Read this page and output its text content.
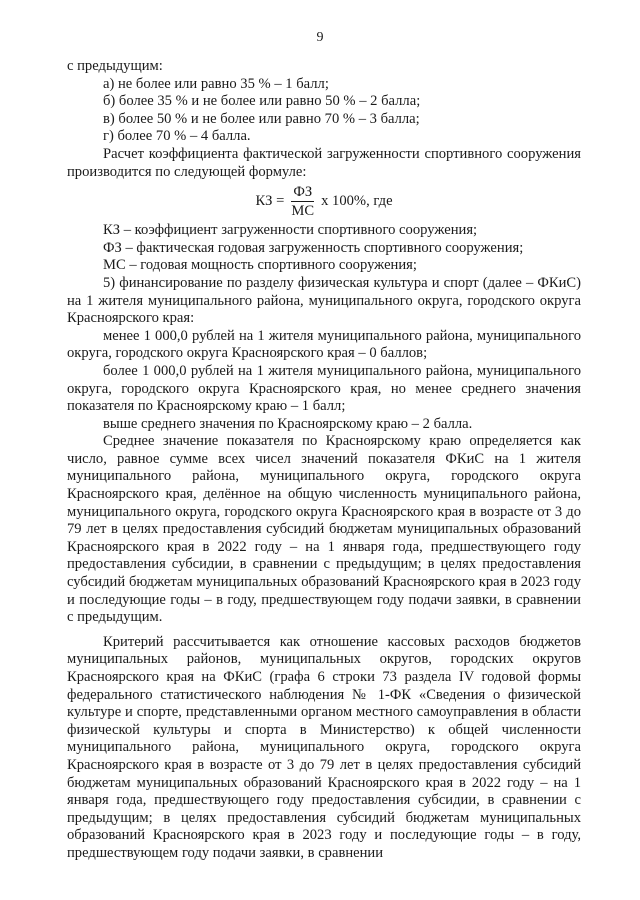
9

с предыдущим:

а) не более или равно 35 % – 1 балл;

б) более 35 % и не более или равно 50 % – 2 балла;

в) более 50 % и не более или равно 70 % – 3 балла;

г) более 70 % – 4 балла.

Расчет коэффициента фактической загруженности спортивного сооружения производится по следующей формуле:

КЗ = $\frac{ФЗ}{МС}$ х 100%, где

КЗ – коэффициент загруженности спортивного сооружения;

ФЗ – фактическая годовая загруженность спортивного сооружения;

МС – годовая мощность спортивного сооружения;

5) финансирование по разделу физическая культура и спорт (далее – ФКиС) на 1 жителя муниципального района, муниципального округа, городского округа Красноярского края:

менее 1 000,0 рублей на 1 жителя муниципального района, муниципального округа, городского округа Красноярского края – 0 баллов;

более 1 000,0 рублей на 1 жителя муниципального района, муниципального округа, городского округа Красноярского края, но менее среднего значения показателя по Красноярскому краю – 1 балл;

выше среднего значения по Красноярскому краю – 2 балла.

Среднее значение показателя по Красноярскому краю определяется как число, равное сумме всех чисел значений показателя ФКиС на 1 жителя муниципального района, муниципального округа, городского округа Красноярского края, делённое на общую численность муниципального района, муниципального округа, городского округа Красноярского края в возрасте от 3 до 79 лет в целях предоставления субсидий бюджетам муниципальных образований Красноярского края в 2022 году – на 1 января года, предшествующего году предоставления субсидии, в сравнении с предыдущим; в целях предоставления субсидий бюджетам муниципальных образований Красноярского края в 2023 году и последующие годы – в году, предшествующем году подачи заявки, в сравнении с предыдущим.

Критерий рассчитывается как отношение кассовых расходов бюджетов муниципальных районов, муниципальных округов, городских округов Красноярского края на ФКиС (графа 6 строки 73 раздела IV годовой формы федерального статистического наблюдения № 1-ФК «Сведения о физической культуре и спорте, представленными органом местного самоуправления в области физической культуры и спорта в Министерство) к общей численности муниципального района, муниципального округа, городского округа Красноярского края в возрасте от 3 до 79 лет в целях предоставления субсидий бюджетам муниципальных образований Красноярского края в 2022 году – на 1 января года, предшествующего году предоставления субсидии, в сравнении с предыдущим; в целях предоставления субсидий бюджетам муниципальных образований Красноярского края в 2023 году и последующие годы – в году, предшествующем году подачи заявки, в сравнении
